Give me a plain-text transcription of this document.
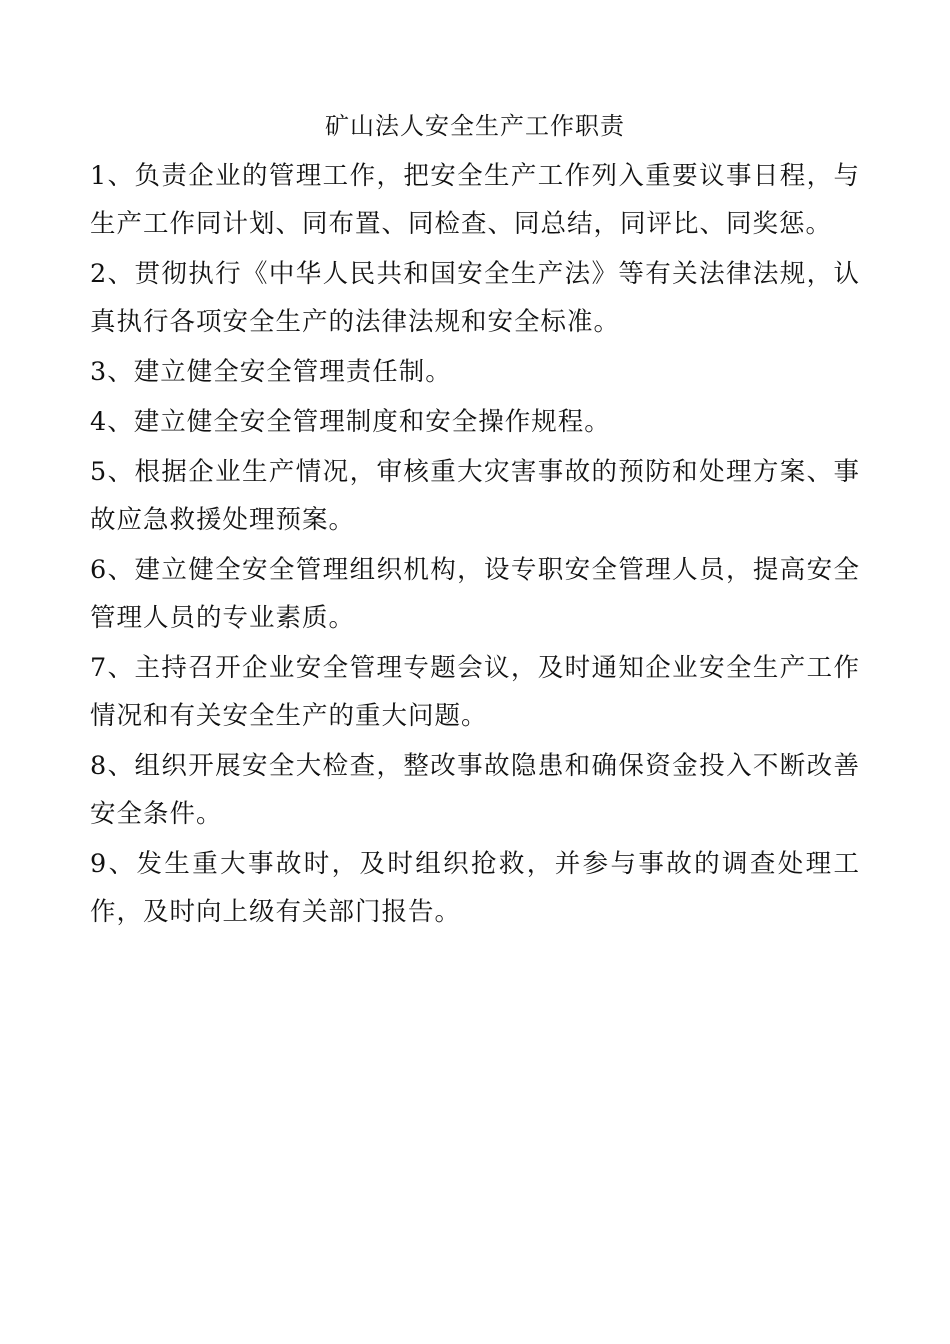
矿山法人安全生产工作职责

1、负责企业的管理工作，把安全生产工作列入重要议事日程，与生产工作同计划、同布置、同检查、同总结，同评比、同奖惩。

2、贯彻执行《中华人民共和国安全生产法》等有关法律法规，认真执行各项安全生产的法律法规和安全标准。

3、建立健全安全管理责任制。

4、建立健全安全管理制度和安全操作规程。

5、根据企业生产情况，审核重大灾害事故的预防和处理方案、事故应急救援处理预案。

6、建立健全安全管理组织机构，设专职安全管理人员，提高安全管理人员的专业素质。

7、主持召开企业安全管理专题会议，及时通知企业安全生产工作情况和有关安全生产的重大问题。

8、组织开展安全大检查，整改事故隐患和确保资金投入不断改善安全条件。

9、发生重大事故时，及时组织抢救，并参与事故的调查处理工作，及时向上级有关部门报告。
